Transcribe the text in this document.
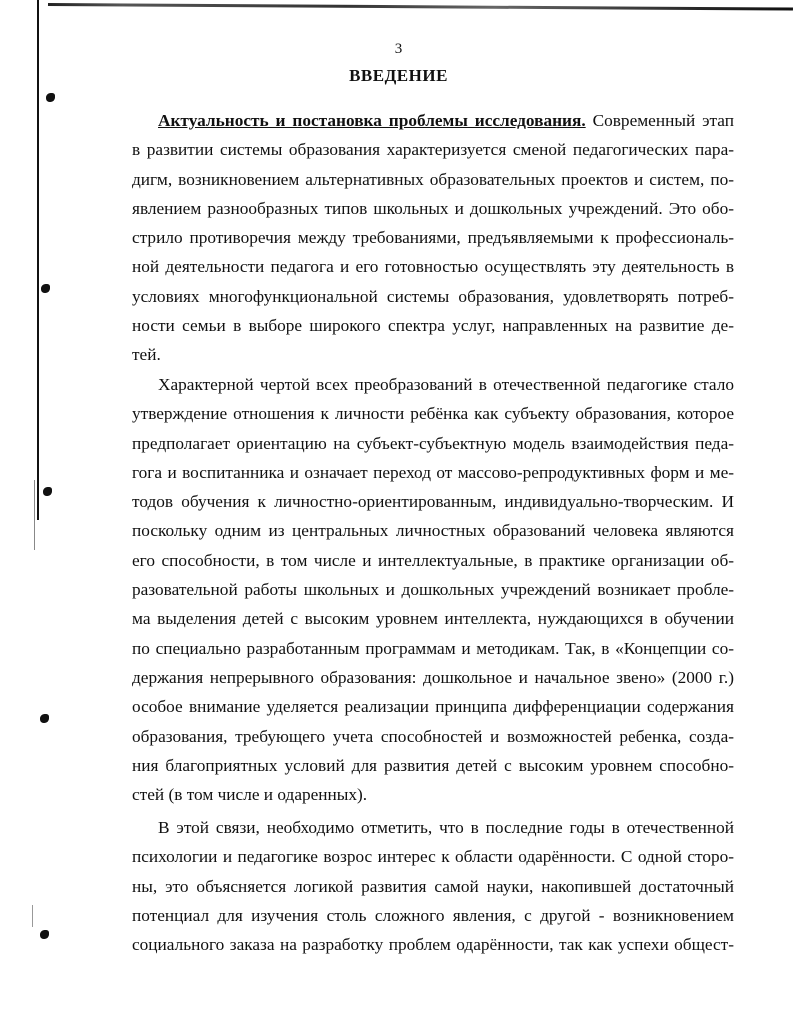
3
ВВЕДЕНИЕ
Актуальность и постановка проблемы исследования. Современный этап
в развитии системы образования характеризуется сменой педагогических пара-
дигм, возникновением альтернативных образовательных проектов и систем, по-
явлением разнообразных типов школьных и дошкольных учреждений. Это обо-
стрило противоречия между требованиями, предъявляемыми к профессиональ-
ной деятельности педагога и его готовностью осуществлять эту деятельность в
условиях многофункциональной системы образования, удовлетворять потреб-
ности семьи в выборе широкого спектра услуг, направленных на развитие де-
тей.
Характерной чертой всех преобразований в отечественной педагогике стало
утверждение отношения к личности ребёнка как субъекту образования, которое
предполагает ориентацию на субъект-субъектную модель взаимодействия педа-
гога и воспитанника и означает переход от массово-репродуктивных форм и ме-
тодов обучения к личностно-ориентированным, индивидуально-творческим. И
поскольку одним из центральных личностных образований человека являются
его способности, в том числе и интеллектуальные, в практике организации об-
разовательной работы школьных и дошкольных учреждений возникает пробле-
ма выделения детей с высоким уровнем интеллекта, нуждающихся в обучении
по специально разработанным программам и методикам. Так, в «Концепции со-
держания непрерывного образования: дошкольное и начальное звено» (2000 г.)
особое внимание уделяется реализации принципа дифференциации содержания
образования, требующего учета способностей и возможностей ребенка, созда-
ния благоприятных условий для развития детей с высоким уровнем способно-
стей (в том числе и одаренных).
В этой связи, необходимо отметить, что в последние годы в отечественной
психологии и педагогике возрос интерес к области одарённости. С одной сторо-
ны, это объясняется логикой развития самой науки, накопившей достаточный
потенциал для изучения столь сложного явления, с другой - возникновением
социального заказа на разработку проблем одарённости, так как успехи общест-
